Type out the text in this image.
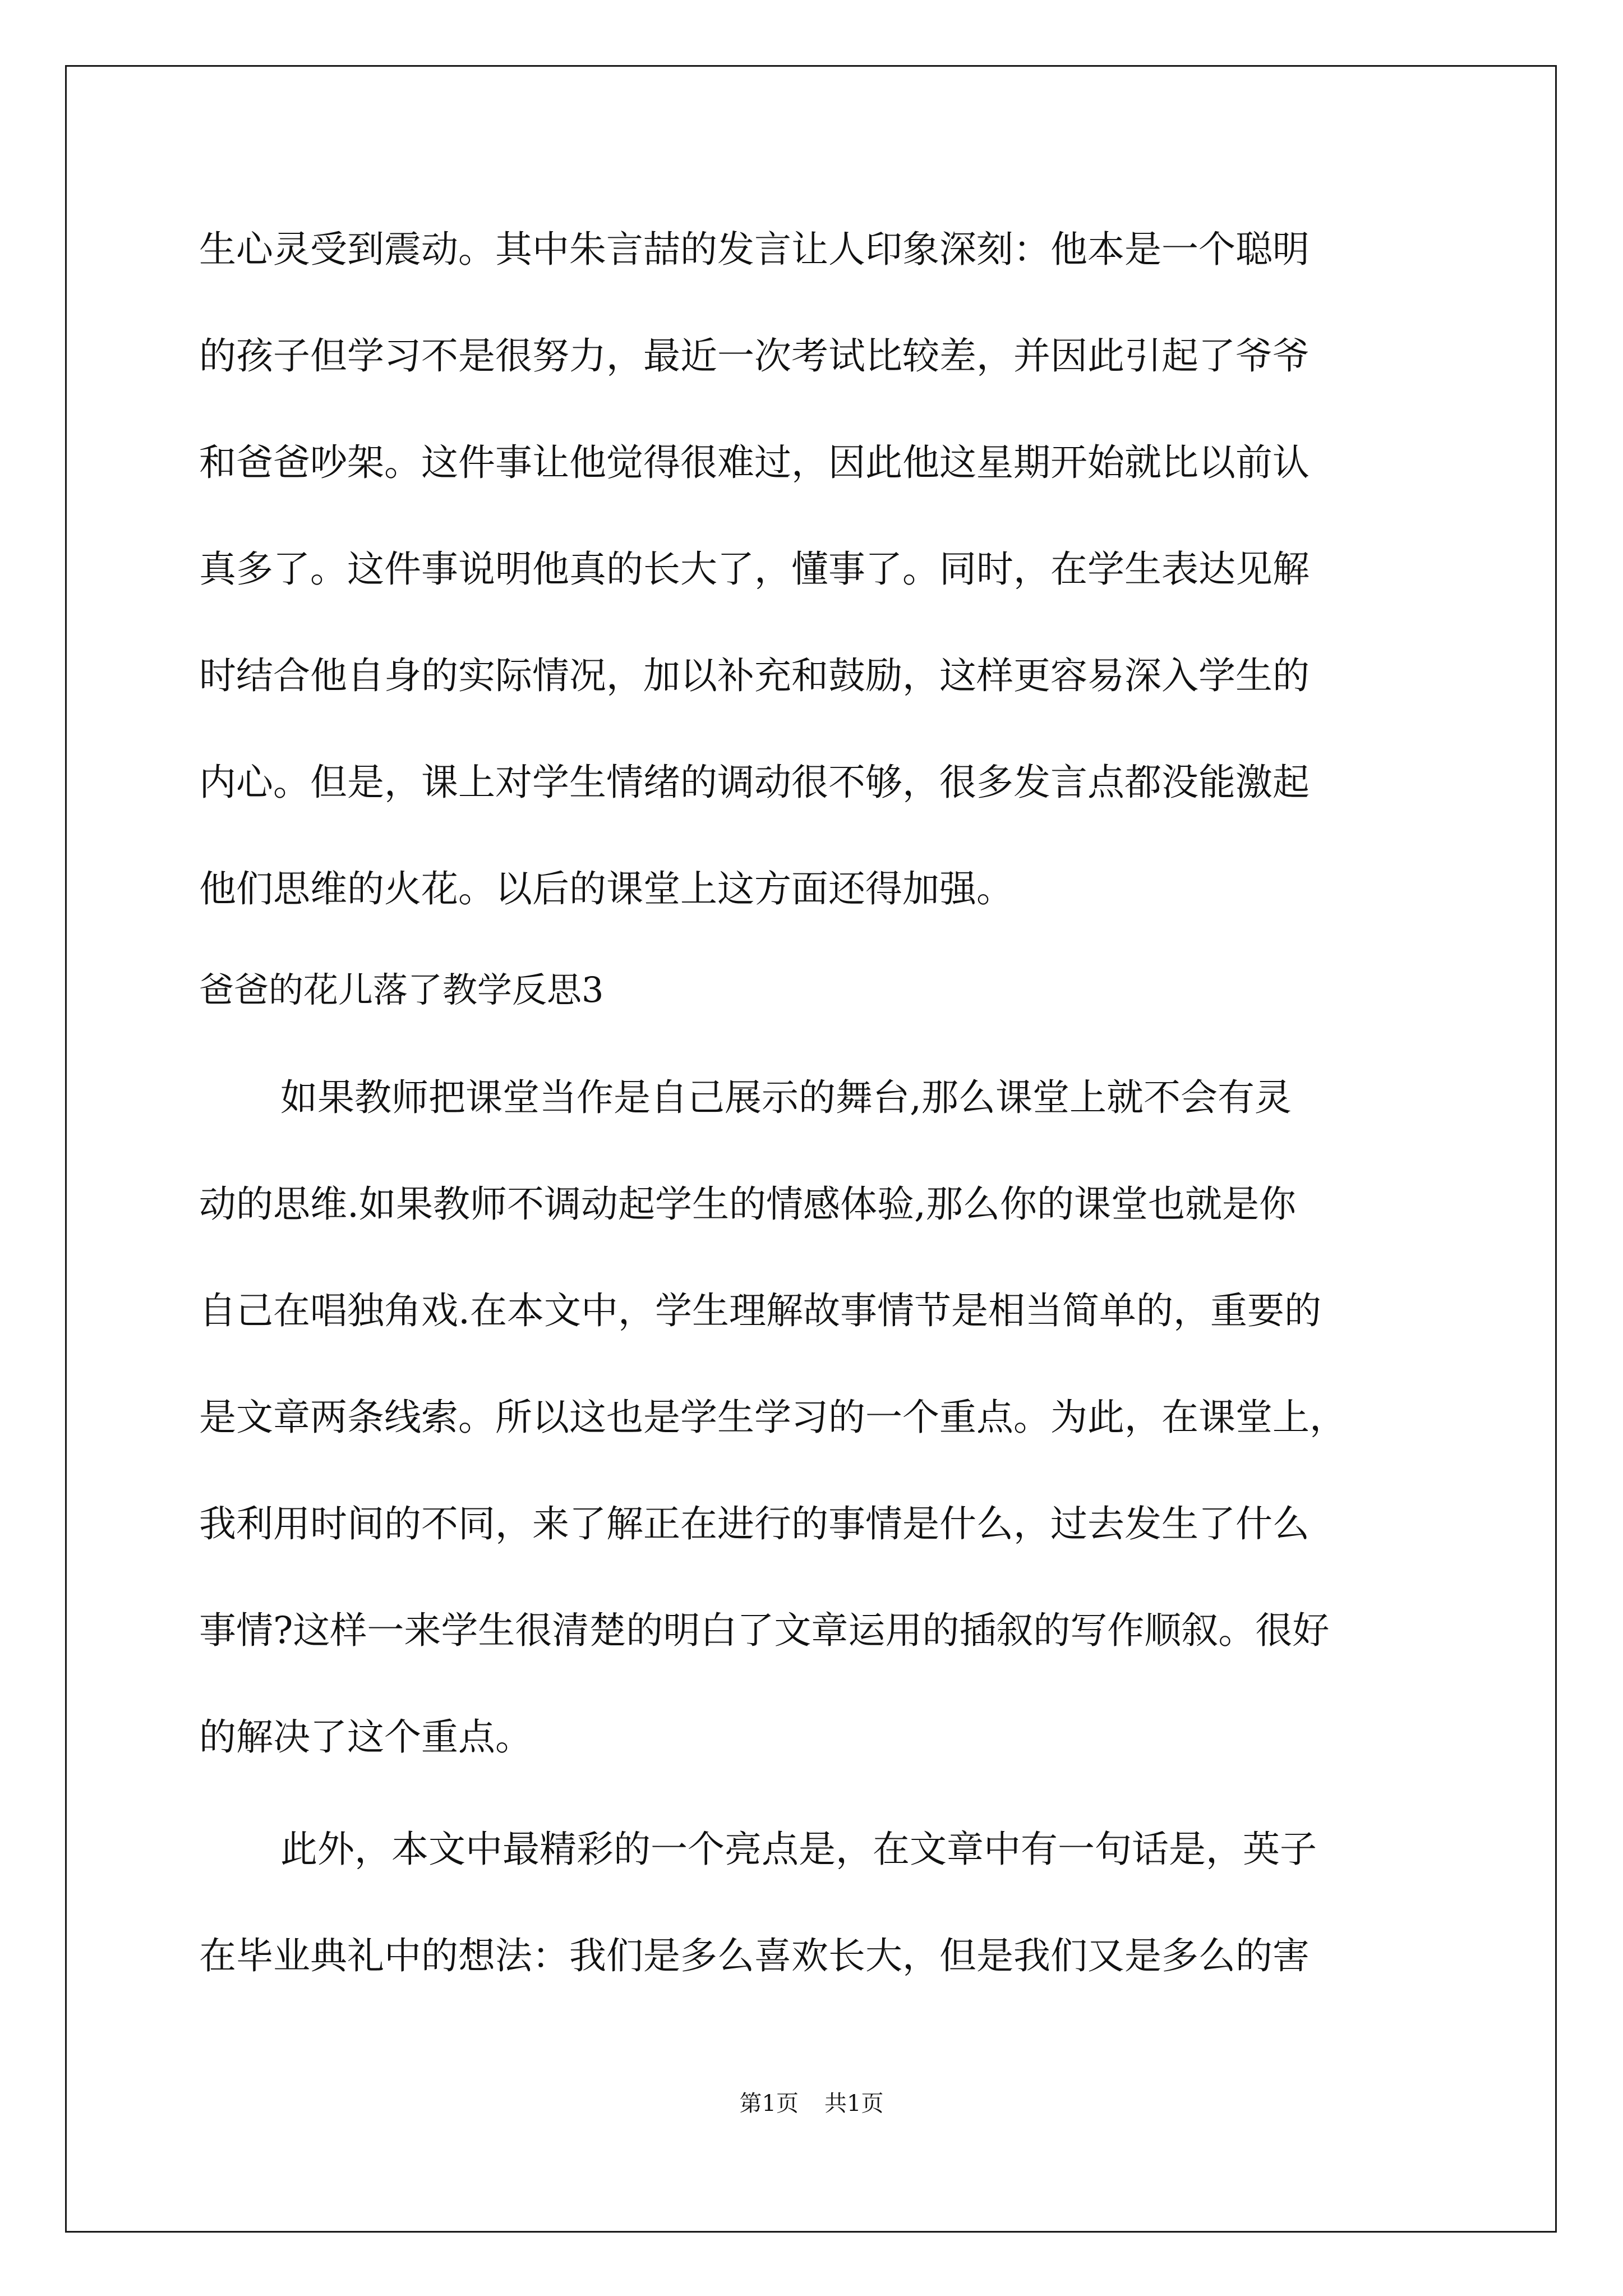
生心灵受到震动。其中朱言喆的发言让人印象深刻：他本是一个聪明

的孩子但学习不是很努力，最近一次考试比较差，并因此引起了爷爷

和爸爸吵架。这件事让他觉得很难过，因此他这星期开始就比以前认

真多了。这件事说明他真的长大了，懂事了。同时，在学生表达见解

时结合他自身的实际情况，加以补充和鼓励，这样更容易深入学生的

内心。但是，课上对学生情绪的调动很不够，很多发言点都没能激起

他们思维的火花。以后的课堂上这方面还得加强。

爸爸的花儿落了教学反思3

如果教师把课堂当作是自己展示的舞台,那么课堂上就不会有灵

动的思维.如果教师不调动起学生的情感体验,那么你的课堂也就是你

自己在唱独角戏.在本文中，学生理解故事情节是相当简单的，重要的

是文章两条线索。所以这也是学生学习的一个重点。为此，在课堂上，

我利用时间的不同，来了解正在进行的事情是什么，过去发生了什么

事情?这样一来学生很清楚的明白了文章运用的插叙的写作顺叙。很好

的解决了这个重点。

此外，本文中最精彩的一个亮点是，在文章中有一句话是，英子

在毕业典礼中的想法：我们是多么喜欢长大，但是我们又是多么的害

第1页 共1页
